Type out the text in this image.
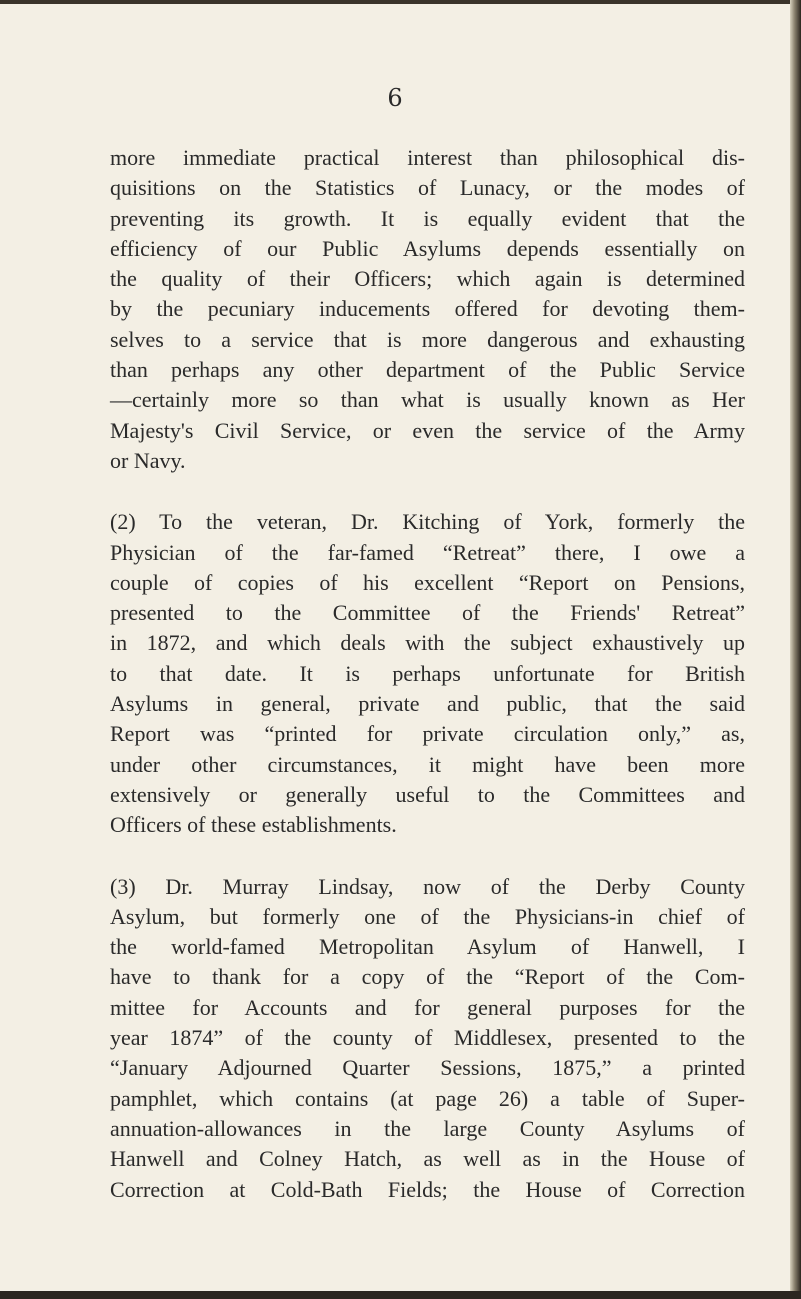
6
more immediate practical interest than philosophical dis-
quisitions on the Statistics of Lunacy, or the modes of
preventing its growth. It is equally evident that the
efficiency of our Public Asylums depends essentially on
the quality of their Officers; which again is determined
by the pecuniary inducements offered for devoting them-
selves to a service that is more dangerous and exhausting
than perhaps any other department of the Public Service
—certainly more so than what is usually known as Her
Majesty's Civil Service, or even the service of the Army
or Navy.
(2) To the veteran, Dr. Kitching of York, formerly the
Physician of the far-famed “Retreat” there, I owe a
couple of copies of his excellent “Report on Pensions,
presented to the Committee of the Friends' Retreat”
in 1872, and which deals with the subject exhaustively up
to that date. It is perhaps unfortunate for British
Asylums in general, private and public, that the said
Report was “printed for private circulation only,” as,
under other circumstances, it might have been more
extensively or generally useful to the Committees and
Officers of these establishments.
(3) Dr. Murray Lindsay, now of the Derby County
Asylum, but formerly one of the Physicians-in chief of
the world-famed Metropolitan Asylum of Hanwell, I
have to thank for a copy of the “Report of the Com-
mittee for Accounts and for general purposes for the
year 1874” of the county of Middlesex, presented to the
“January Adjourned Quarter Sessions, 1875,” a printed
pamphlet, which contains (at page 26) a table of Super-
annuation-allowances in the large County Asylums of
Hanwell and Colney Hatch, as well as in the House of
Correction at Cold-Bath Fields; the House of Correction
